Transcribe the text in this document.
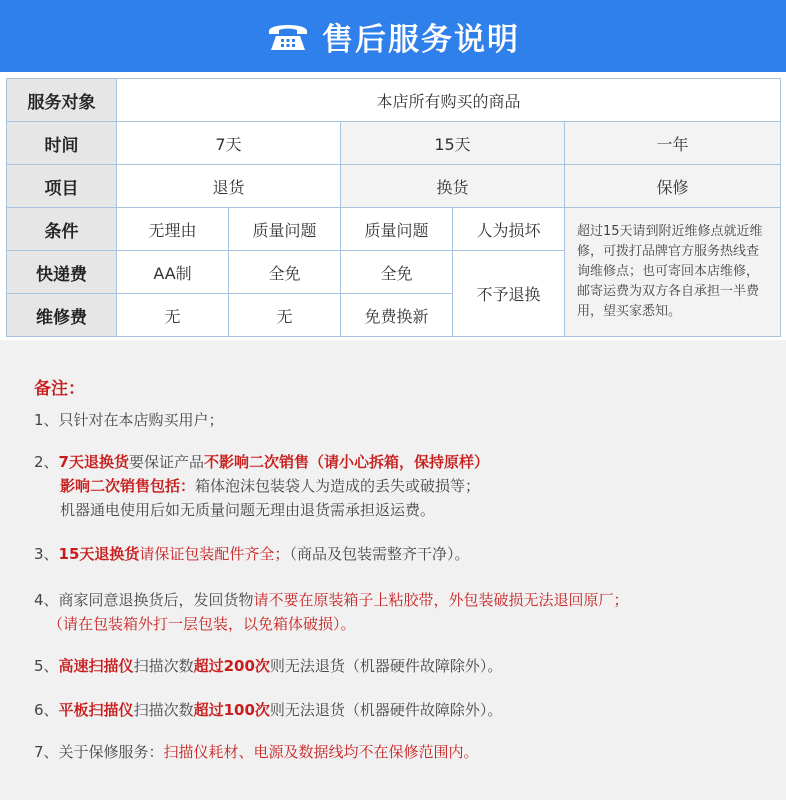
售后服务说明
服务对象	本店所有购买的商品				
时间	7天		15天		一年
项目	退货		换货		保修
条件	无理由	质量问题	质量问题	人为损坏	超过15天请到附近维修点就近维修，可拨打品牌官方服务热线查询维修点；也可寄回本店维修，邮寄运费为双方各自承担一半费用，望买家悉知。
快递费	AA制	全免	全免	不予退换	
维修费	无	无	免费换新		
备注：
1、只针对在本店购买用户；
2、7天退换货要保证产品不影响二次销售（请小心拆箱，保持原样）
影响二次销售包括：箱体泡沫包装袋人为造成的丢失或破损等；
机器通电使用后如无质量问题无理由退货需承担返运费。
3、15天退换货请保证包装配件齐全；（商品及包装需整齐干净）。
4、商家同意退换货后，发回货物请不要在原装箱子上粘胶带，外包装破损无法退回原厂；
（请在包装箱外打一层包装，以免箱体破损）。
5、高速扫描仪扫描次数超过200次则无法退货（机器硬件故障除外）。
6、平板扫描仪扫描次数超过100次则无法退货（机器硬件故障除外）。
7、关于保修服务：扫描仪耗材、电源及数据线均不在保修范围内。
